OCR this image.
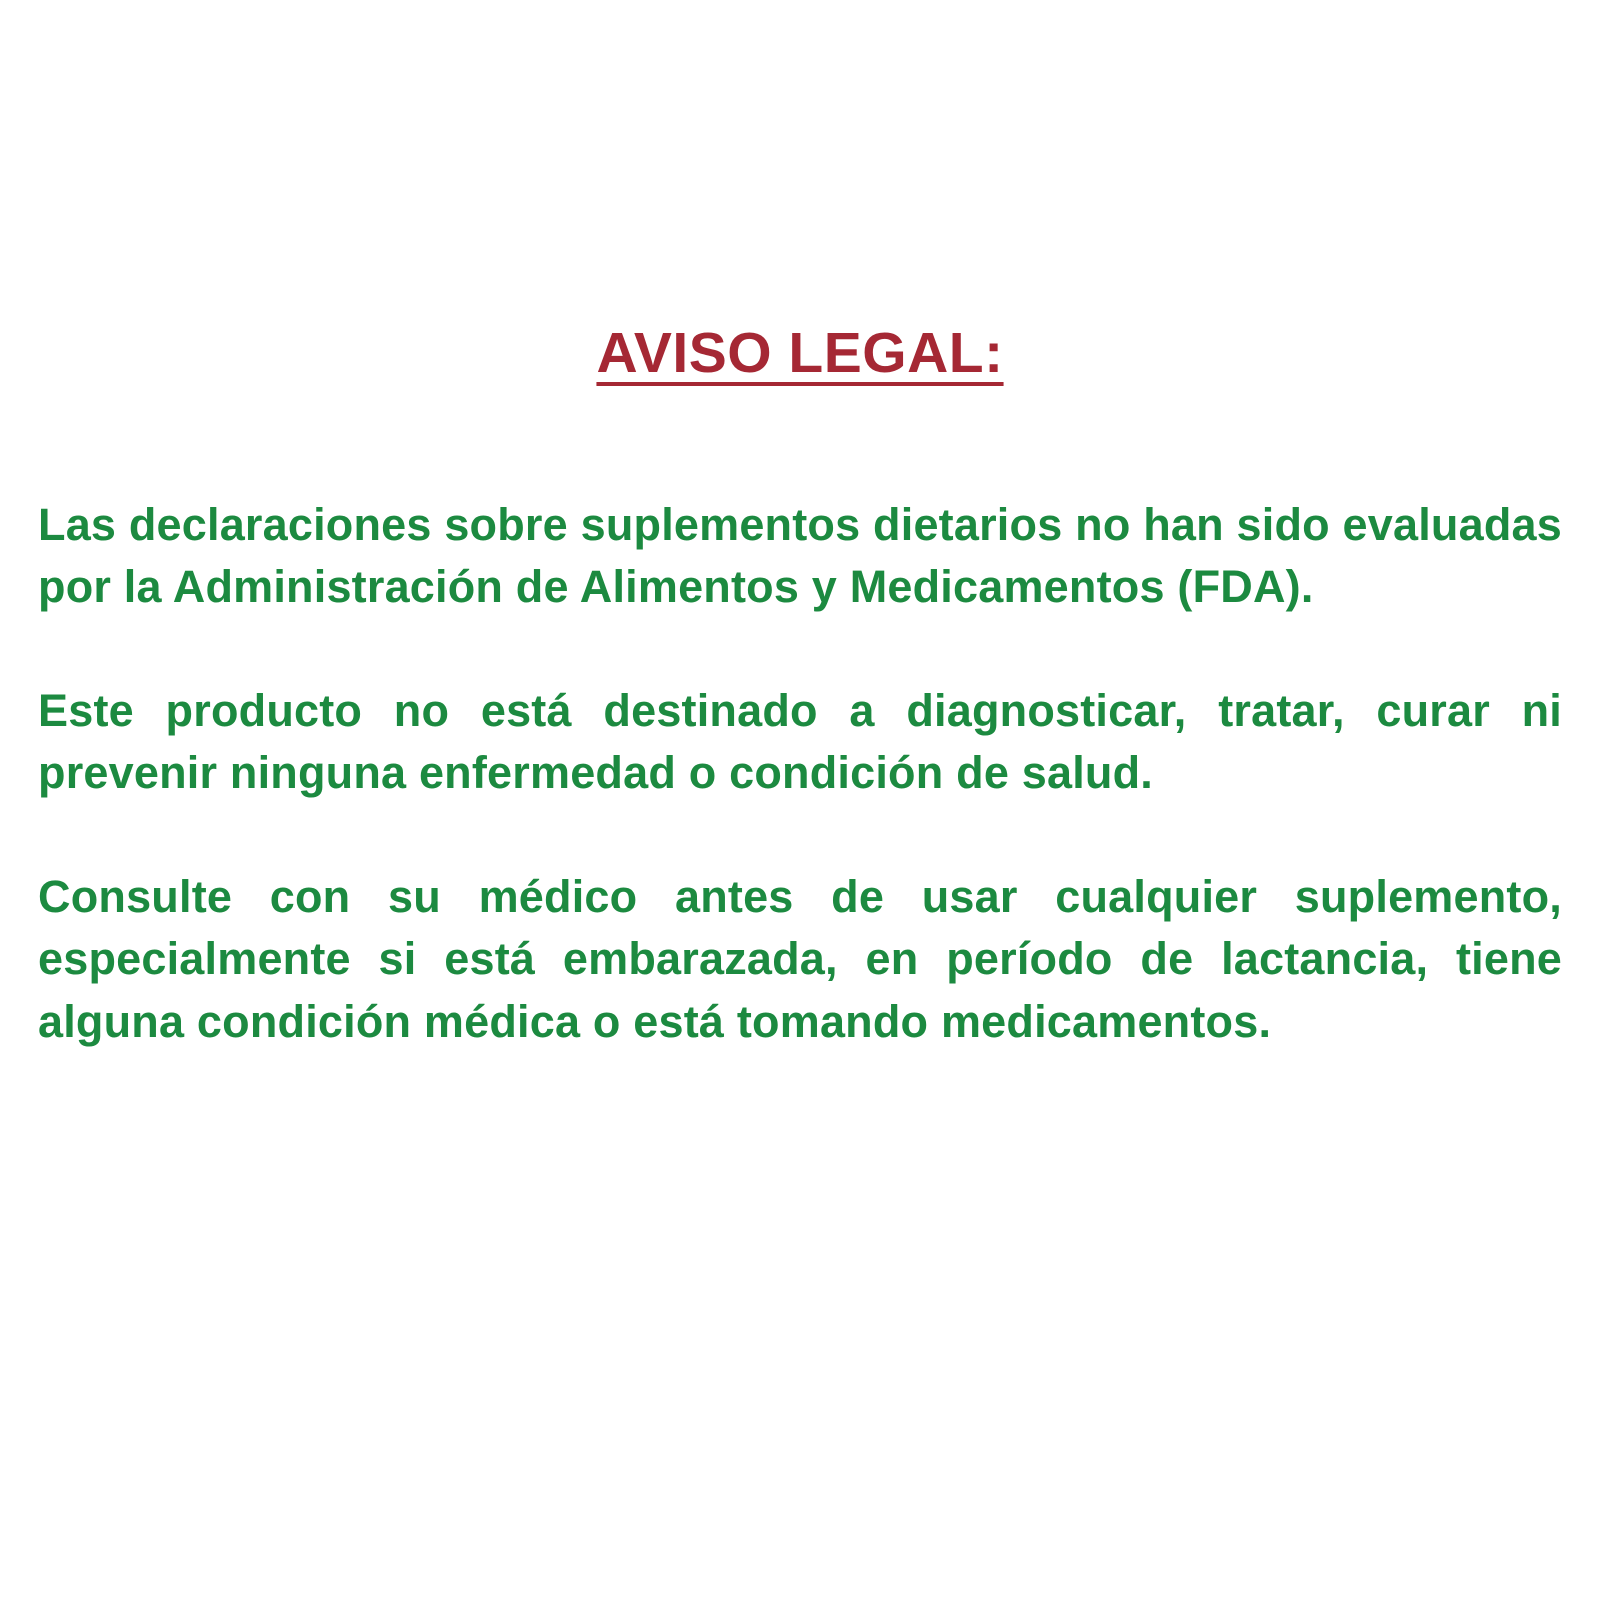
AVISO LEGAL:

Las declaraciones sobre suplementos dietarios no han sido evaluadas por la Administración de Alimentos y Medicamentos (FDA).

Este producto no está destinado a diagnosticar, tratar, curar ni prevenir ninguna enfermedad o condición de salud.

Consulte con su médico antes de usar cualquier suplemento, especialmente si está embarazada, en período de lactancia, tiene alguna condición médica o está tomando medicamentos.
